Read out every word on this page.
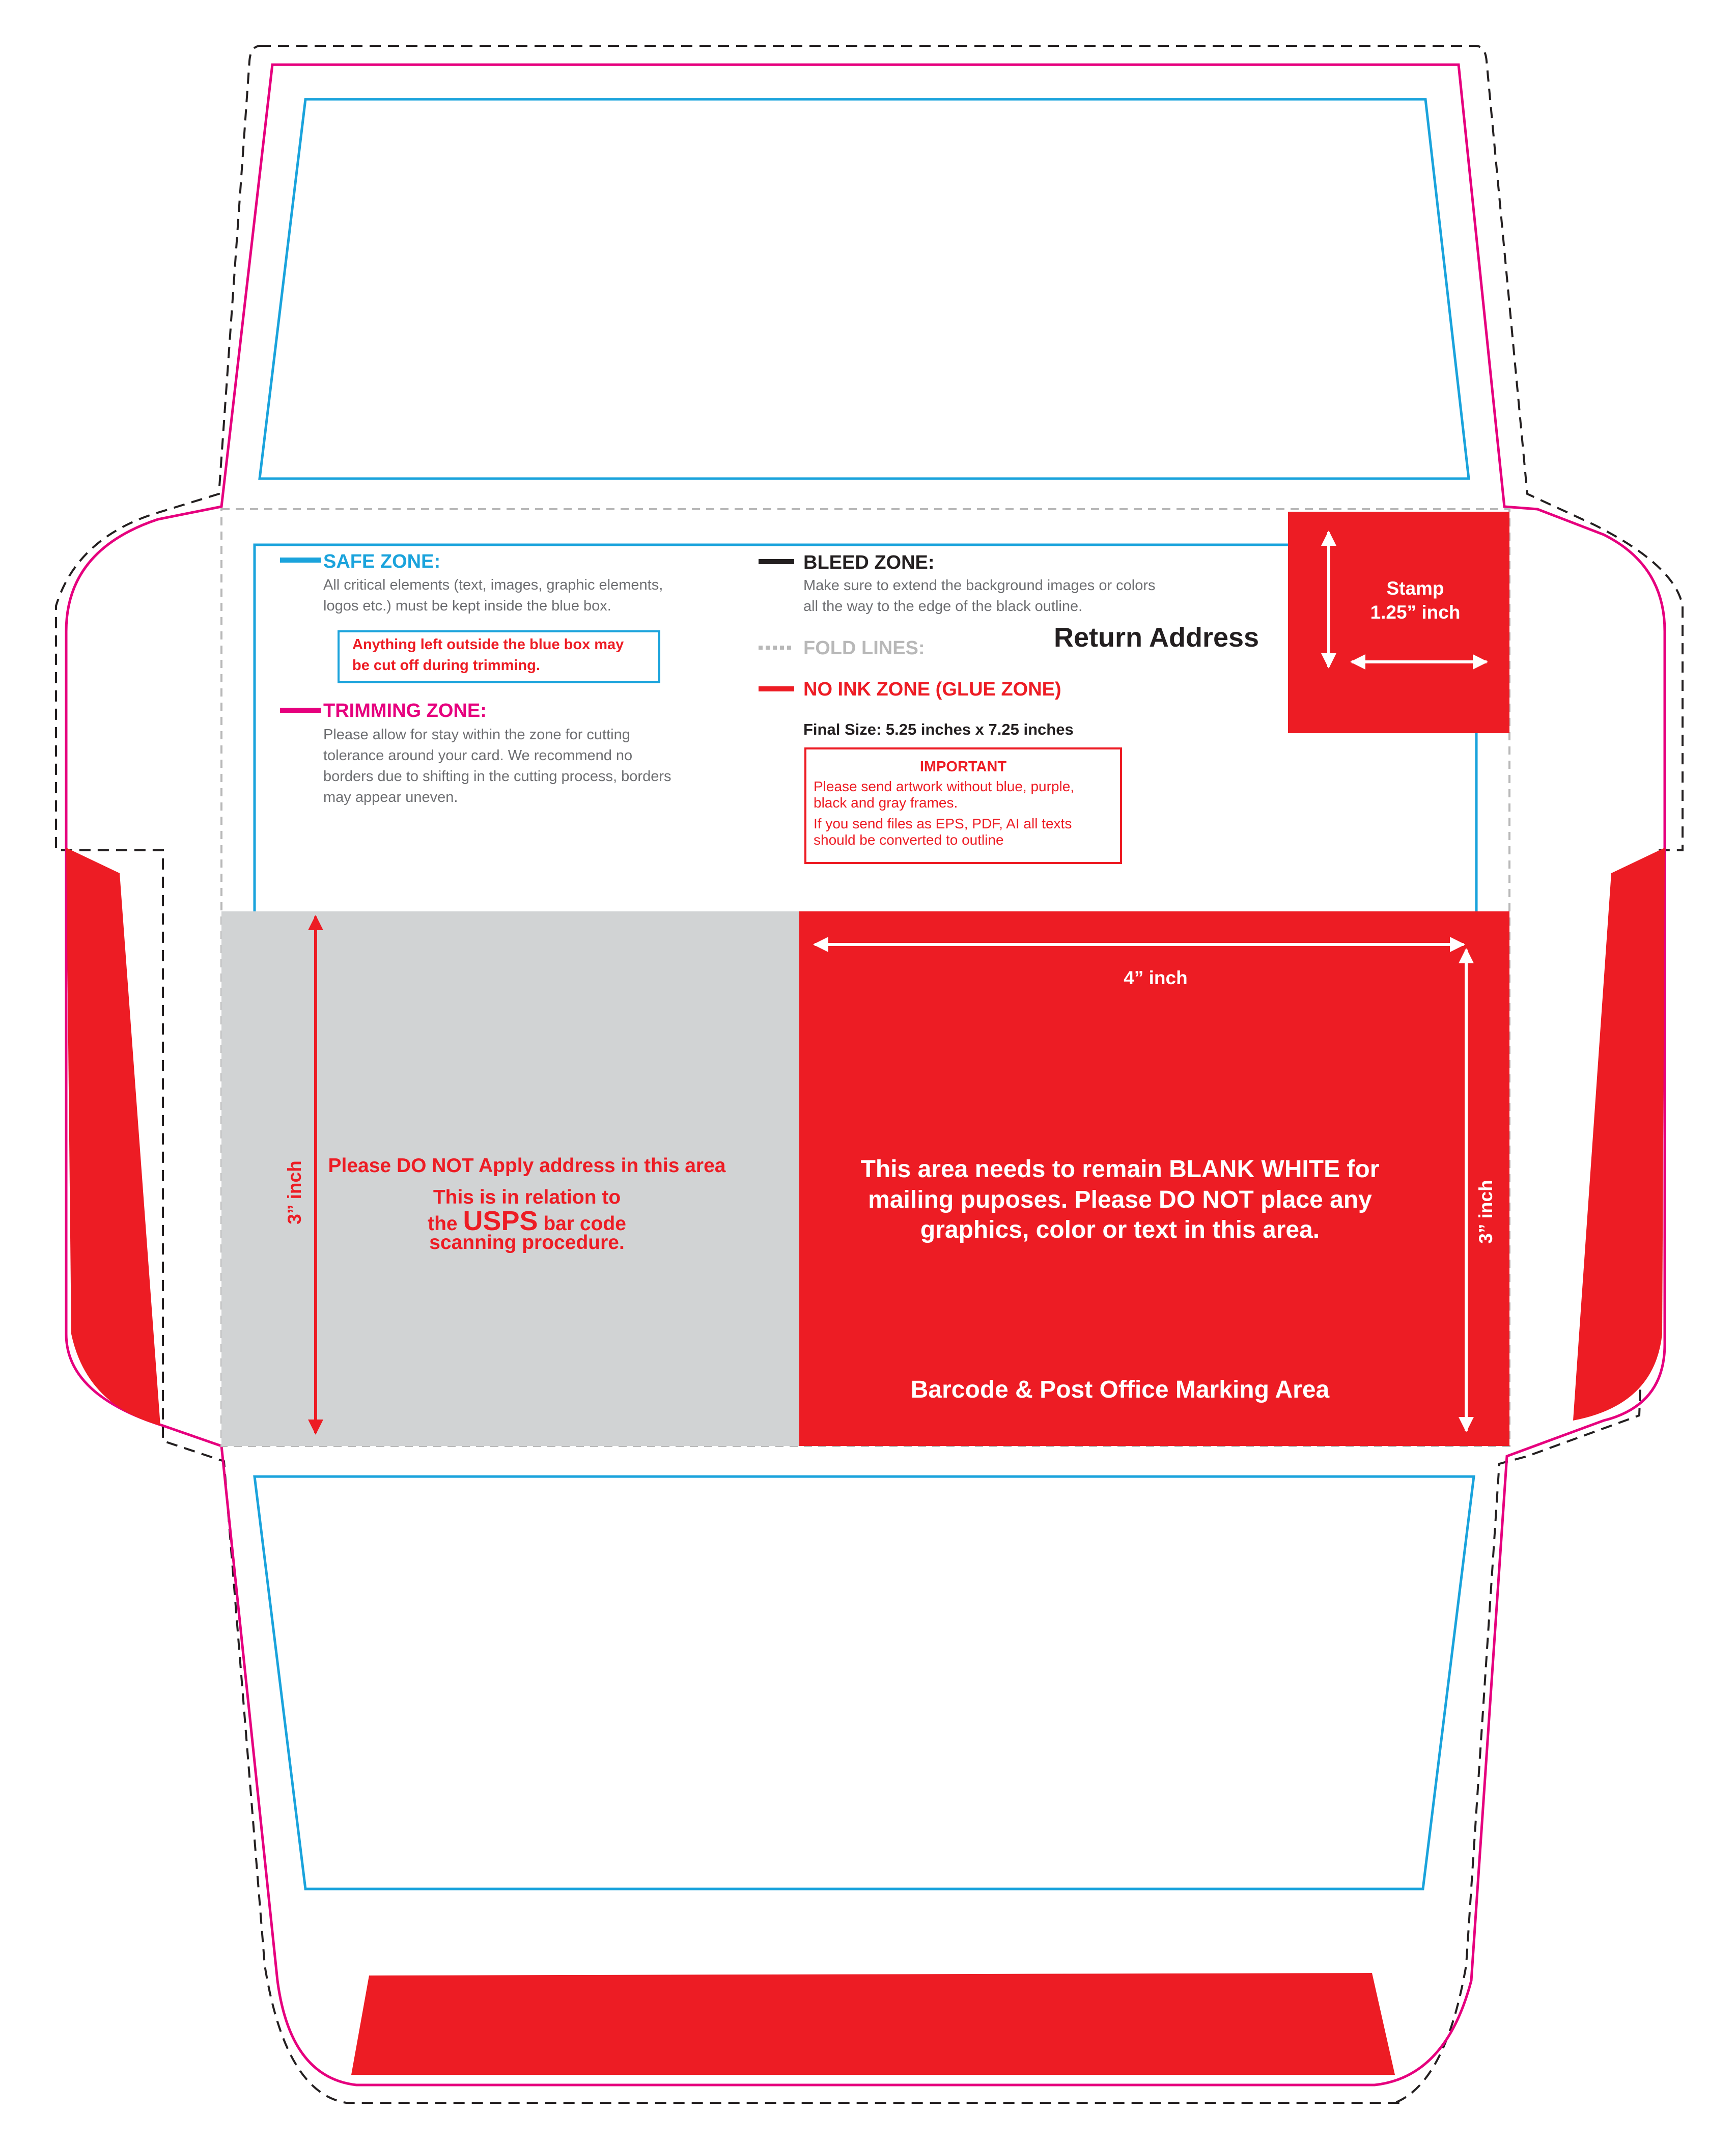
SAFE ZONE:
All critical elements (text, images, graphic elements,
logos etc.) must be kept inside the blue box.
Anything left outside the blue box may
be cut off during trimming.
TRIMMING ZONE:
Please allow for stay within the zone for cutting
tolerance around your card. We recommend no
borders due to shifting in the cutting process, borders
may appear uneven.
BLEED ZONE:
Make sure to extend the background images or colors
all the way to the edge of the black outline.
FOLD LINES:
NO INK ZONE (GLUE ZONE)
Final Size: 5.25 inches x 7.25 inches
IMPORTANT
Please send artwork without blue, purple,
black and gray frames.
If you send files as EPS, PDF, AI all texts
should be converted to outline
Return Address
Stamp
1.25” inch
3” inch	Please DO NOT Apply address in this area
This is in relation to
the USPS bar code
scanning procedure.
4” inch
3” inch
This area needs to remain BLANK WHITE for
mailing puposes. Please DO NOT place any
graphics, color or text in this area.
Barcode & Post Office Marking Area
